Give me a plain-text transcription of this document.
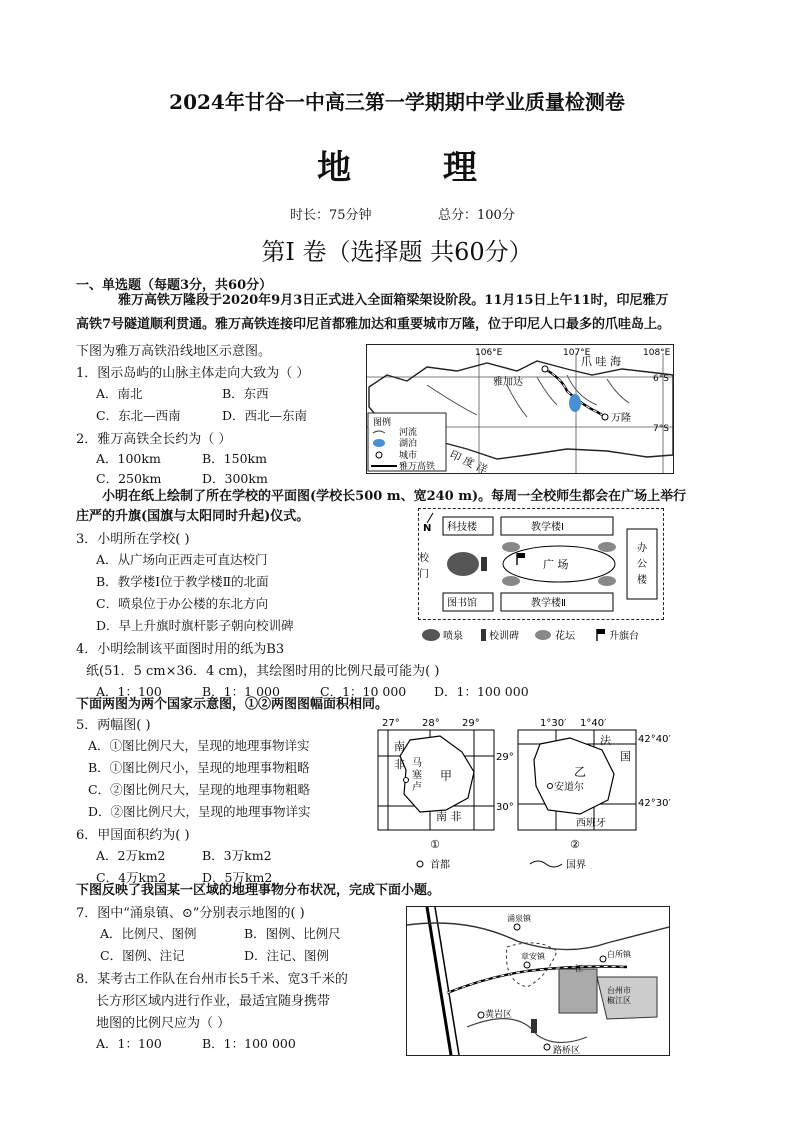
2024年甘谷一中高三第一学期期中学业质量检测卷
地 理
时长：75分钟	总分：100分
第Ⅰ 卷（选择题 共60分）
一、单选题（每题3分，共60分）
雅万高铁万隆段于2020年9月3日正式进入全面箱梁架设阶段。11月15日上午11时，印尼雅万
高铁7号隧道顺利贯通。雅万高铁连接印尼首都雅加达和重要城市万隆，位于印尼人口最多的爪哇岛上。
下图为雅万高铁沿线地区示意图。
1．图示岛屿的山脉主体走向大致为（ ）
A．南北	B．东西
C．东北—西南	D．西北—东南
2．雅万高铁全长约为（ ）
A．100km	B．150km
C．250km	D．300km
106°E	107°E	108°E
6°S
7°S
爪 哇 海
雅加达
万隆
印 度 洋
图例
河流
湖泊
城市
雅万高铁
小明在纸上绘制了所在学校的平面图(学校长500 m、宽240 m)。每周一全校师生都会在广场上举行
庄严的升旗(国旗与太阳同时升起)仪式。
3．小明所在学校( )
A．从广场向正西走可直达校门
B．教学楼Ⅰ位于教学楼Ⅱ的北面
C．喷泉位于办公楼的东北方向
D．早上升旗时旗杆影子朝向校训碑
4．小明绘制该平面图时用的纸为B3
纸(51．5 cm×36．4 cm)，其绘图时用的比例尺最可能为( )
A．1：100	B．1：1 000	C．1：10 000 D．1：100 000
N
校
门
科技楼	教学楼Ⅰ
图书馆	教学楼Ⅱ
办
公
楼
广 场
喷泉	校训碑	花坛	升旗台
下面两图为两个国家示意图，①②两图图幅面积相同。
5．两幅图( )
A．①图比例尺大，呈现的地理事物详实
B．①图比例尺小，呈现的地理事物粗略
C．②图比例尺大，呈现的地理事物粗略
D．②图比例尺大，呈现的地理事物详实
6．甲国面积约为( )
A．2万km2	B．3万km2
C．4万km2	D．5万km2
27° 28° 29°
29°
30°
南
非 马
塞
卢
甲
南 非
1°30′ 1°40′
42°40′
42°30′
法
国
乙
安道尔
西班牙
①	②
首都	国界
下图反映了我国某一区域的地理事物分布状况，完成下面小题。
7．图中“涌泉镇、⊙”分别表示地图的( )
A．比例尺、图例	B．图例、比例尺
C．图例、注记	D．注记、图例
8．某考古工作队在台州市长5千米、宽3千米的
长方形区域内进行作业，最适宜随身携带
地图的比例尺应为（ ）
A．1：100	B．1：100 000
涌泉镇
章安镇	白所镇
黄岩区
路桥区
台州市
椒江区
江
